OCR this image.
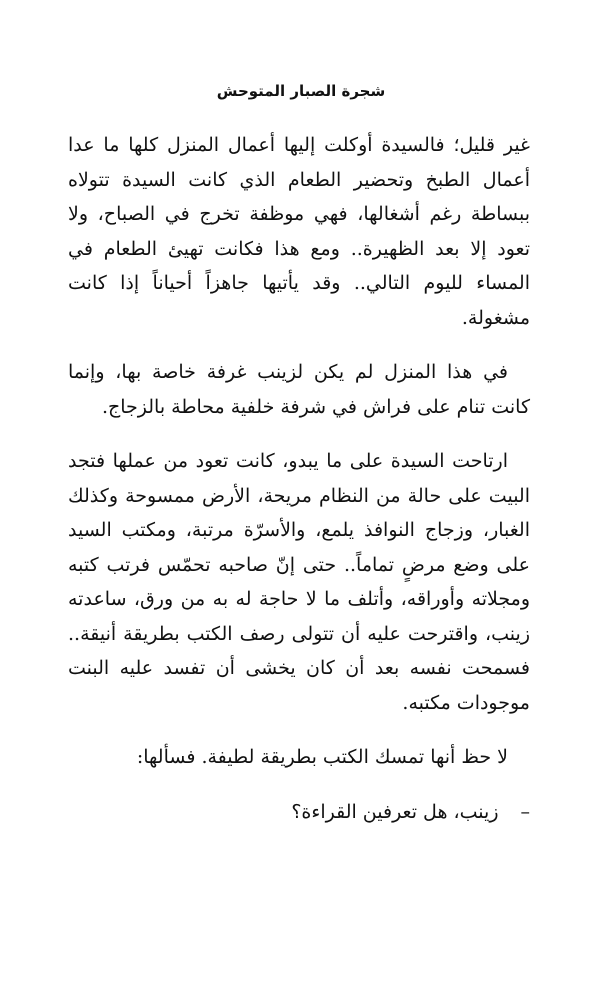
شجرة الصبار المتوحش

غير قليل؛ فالسيدة أوكلت إليها أعمال المنزل كلها ما عدا أعمال الطبخ وتحضير الطعام الذي كانت السيدة تتولاه ببساطة رغم أشغالها، فهي موظفة تخرج في الصباح، ولا تعود إلا بعد الظهيرة.. ومع هذا فكانت تهيئ الطعام في المساء لليوم التالي.. وقد يأتيها جاهزاً أحياناً إذا كانت مشغولة.

في هذا المنزل لم يكن لزينب غرفة خاصة بها، وإنما كانت تنام على فراش في شرفة خلفية محاطة بالزجاج.

ارتاحت السيدة على ما يبدو، كانت تعود من عملها فتجد البيت على حالة من النظام مريحة، الأرض ممسوحة وكذلك الغبار، وزجاج النوافذ يلمع، والأسرّة مرتبة، ومكتب السيد على وضع مرضٍ تماماً.. حتى إنّ صاحبه تحمّس فرتب كتبه ومجلاته وأوراقه، وأتلف ما لا حاجة له به من ورق، ساعدته زينب، واقترحت عليه أن تتولى رصف الكتب بطريقة أنيقة.. فسمحت نفسه بعد أن كان يخشى أن تفسد عليه البنت موجودات مكتبه.

لا حظ أنها تمسك الكتب بطريقة لطيفة. فسألها:

–
زينب، هل تعرفين القراءة؟
